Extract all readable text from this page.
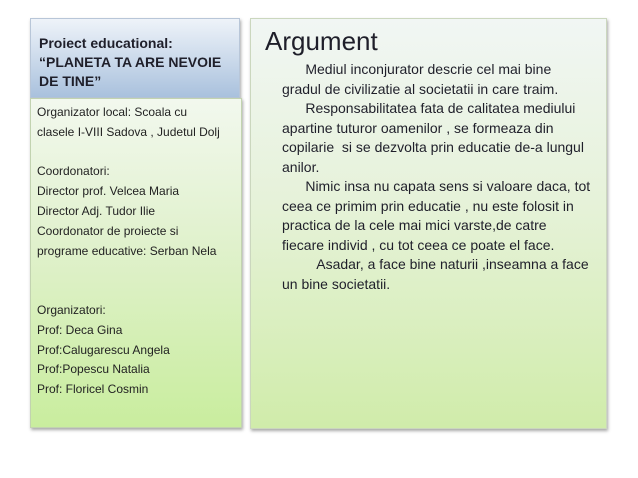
Proiect educational:
“PLANETA TA ARE NEVOIE
DE TINE”
Organizator local: Scoala cu
clasele I-VIII Sadova , Judetul Dolj
Coordonatori:
Director prof. Velcea Maria
Director Adj. Tudor Ilie
Coordonator de proiecte si
programe educative: Serban Nela
Organizatori:
Prof: Deca Gina
Prof:Calugarescu Angela
Prof:Popescu Natalia
Prof: Floricel Cosmin
Argument
Mediul inconjurator descrie cel mai bine
gradul de civilizatie al societatii in care traim.
Responsabilitatea fata de calitatea mediului
apartine tuturor oamenilor , se formeaza din
copilarie  si se dezvolta prin educatie de-a lungul
anilor.
Nimic insa nu capata sens si valoare daca, tot
ceea ce primim prin educatie , nu este folosit in
practica de la cele mai mici varste,de catre
fiecare individ , cu tot ceea ce poate el face.
Asadar, a face bine naturii ,inseamna a face
un bine societatii.
